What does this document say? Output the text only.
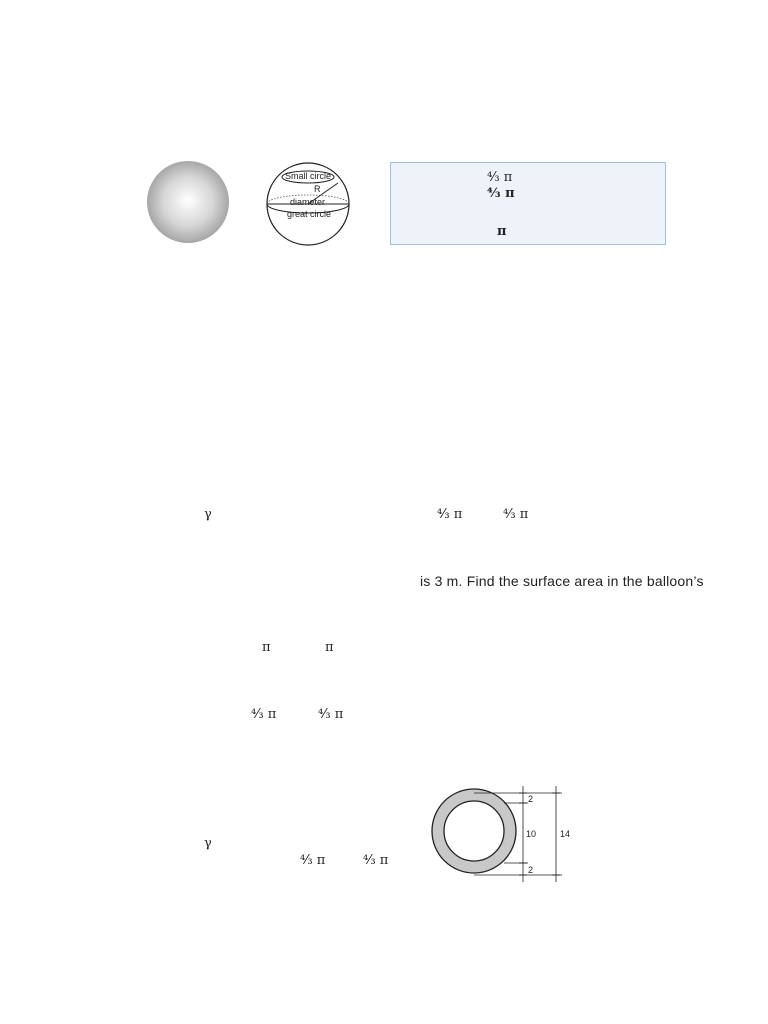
Small circle
R
diameter
great circle
⁴⁄₃ π
⁴⁄₃ π
π
γ	⁴⁄₃ π	⁴⁄₃ π
is 3 m. Find the surface area in the balloon’s
π	π
⁴⁄₃ π	⁴⁄₃ π
γ
⁴⁄₃ π	⁴⁄₃ π
2
10	14
2
